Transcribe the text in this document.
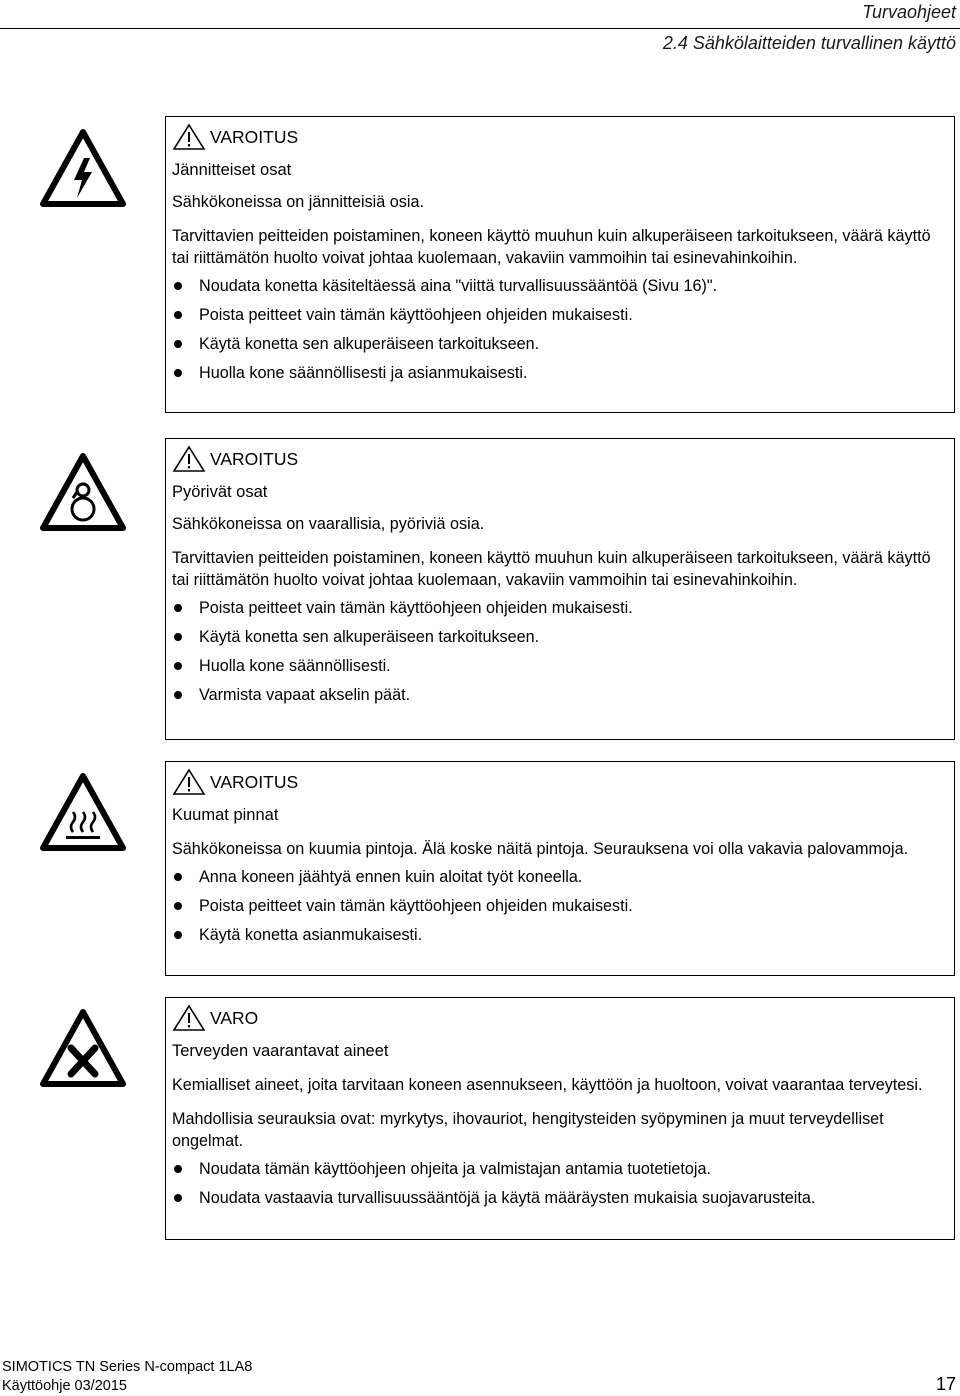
Turvaohjeet
2.4 Sähkölaitteiden turvallinen käyttö
VAROITUS
Jännitteiset osat
Sähkökoneissa on jännitteisiä osia.
Tarvittavien peitteiden poistaminen, koneen käyttö muuhun kuin alkuperäiseen tarkoitukseen, väärä käyttö tai riittämätön huolto voivat johtaa kuolemaan, vakaviin vammoihin tai esinevahinkoihin.
Noudata konetta käsiteltäessä aina "viittä turvallisuussääntöä (Sivu 16)".
Poista peitteet vain tämän käyttöohjeen ohjeiden mukaisesti.
Käytä konetta sen alkuperäiseen tarkoitukseen.
Huolla kone säännöllisesti ja asianmukaisesti.
VAROITUS
Pyörivät osat
Sähkökoneissa on vaarallisia, pyöriviä osia.
Tarvittavien peitteiden poistaminen, koneen käyttö muuhun kuin alkuperäiseen tarkoitukseen, väärä käyttö tai riittämätön huolto voivat johtaa kuolemaan, vakaviin vammoihin tai esinevahinkoihin.
Poista peitteet vain tämän käyttöohjeen ohjeiden mukaisesti.
Käytä konetta sen alkuperäiseen tarkoitukseen.
Huolla kone säännöllisesti.
Varmista vapaat akselin päät.
VAROITUS
Kuumat pinnat
Sähkökoneissa on kuumia pintoja. Älä koske näitä pintoja. Seurauksena voi olla vakavia palovammoja.
Anna koneen jäähtyä ennen kuin aloitat työt koneella.
Poista peitteet vain tämän käyttöohjeen ohjeiden mukaisesti.
Käytä konetta asianmukaisesti.
VARO
Terveyden vaarantavat aineet
Kemialliset aineet, joita tarvitaan koneen asennukseen, käyttöön ja huoltoon, voivat vaarantaa terveytesi.
Mahdollisia seurauksia ovat: myrkytys, ihovauriot, hengitysteiden syöpyminen ja muut terveydelliset ongelmat.
Noudata tämän käyttöohjeen ohjeita ja valmistajan antamia tuotetietoja.
Noudata vastaavia turvallisuussääntöjä ja käytä määräysten mukaisia suojavarusteita.
SIMOTICS TN Series N-compact 1LA8
Käyttöohje 03/2015	17
